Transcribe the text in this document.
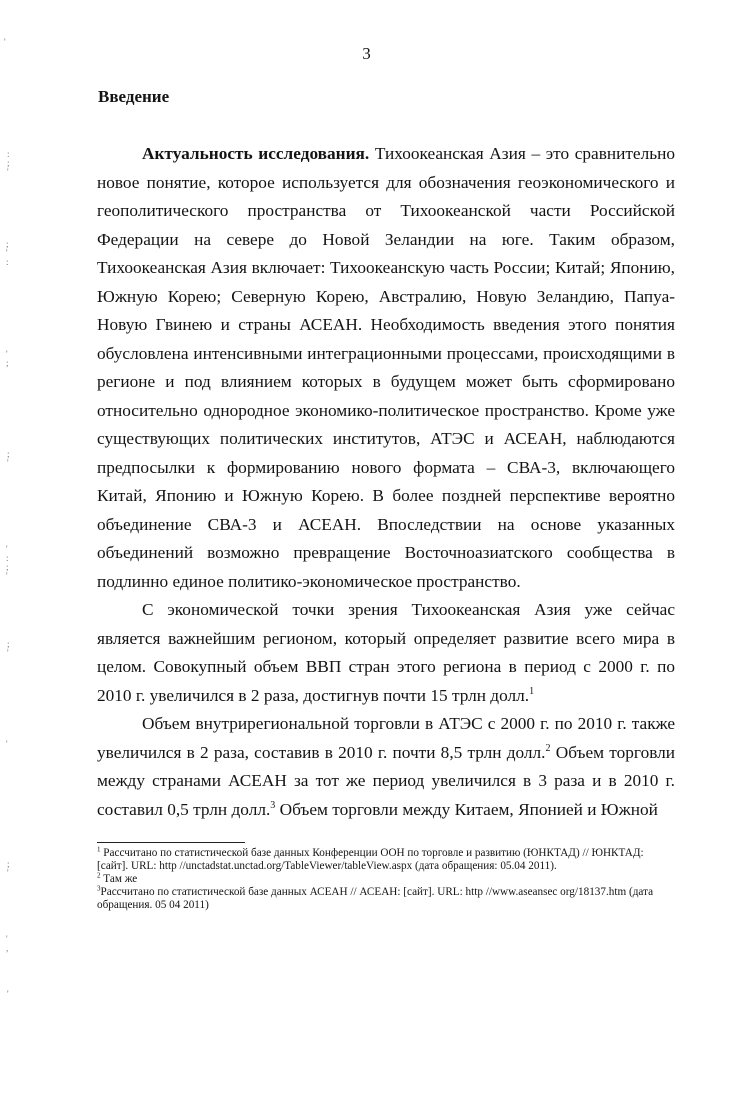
3
Введение

Актуальность исследования. Тихоокеанская Азия – это сравнительно новое понятие, которое используется для обозначения геоэкономического и геополитического пространства от Тихоокеанской части Российской Федерации на севере до Новой Зеландии на юге. Таким образом, Тихоокеанская Азия включает: Тихоокеанскую часть России; Китай; Японию, Южную Корею; Северную Корею, Австралию, Новую Зеландию, Папуа-Новую Гвинею и страны АСЕАН. Необходимость введения этого понятия обусловлена интенсивными интеграционными процессами, происходящими в регионе и под влиянием которых в будущем может быть сформировано относительно однородное экономико-политическое пространство. Кроме уже существующих политических институтов, АТЭС и АСЕАН, наблюдаются предпосылки к формированию нового формата – СВА-3, включающего Китай, Японию и Южную Корею. В более поздней перспективе вероятно объединение СВА-3 и АСЕАН. Впоследствии на основе указанных объединений возможно превращение Восточноазиатского сообщества в подлинно единое политико-экономическое пространство.

С экономической точки зрения Тихоокеанская Азия уже сейчас является важнейшим регионом, который определяет развитие всего мира в целом. Совокупный объем ВВП стран этого региона в период с 2000 г. по 2010 г. увеличился в 2 раза, достигнув почти 15 трлн долл.$^1$

Объем внутрирегиональной торговли в АТЭС с 2000 г. по 2010 г. также увеличился в 2 раза, составив в 2010 г. почти 8,5 трлн долл.$^2$ Объем торговли между странами АСЕАН за тот же период увеличился в 3 раза и в 2010 г. составил 0,5 трлн долл.$^3$ Объем торговли между Китаем, Японией и Южной

$^1$ Рассчитано по статистической базе данных Конференции ООН по торговле и развитию (ЮНКТАД) // ЮНКТАД: [сайт]. URL: http //unctadstat.unctad.org/TableViewer/tableView.aspx (дата обращения: 05.04 2011).
$^2$ Там же
$^3$Рассчитано по статистической базе данных АСЕАН // АСЕАН: [сайт]. URL: http //www.aseansec org/18137.htm (дата обращения. 05 04 2011)
'
:
;
'
;
'
:
'
;
;
'
'
:
;
'
;
'
'
;
'
'
,
'
